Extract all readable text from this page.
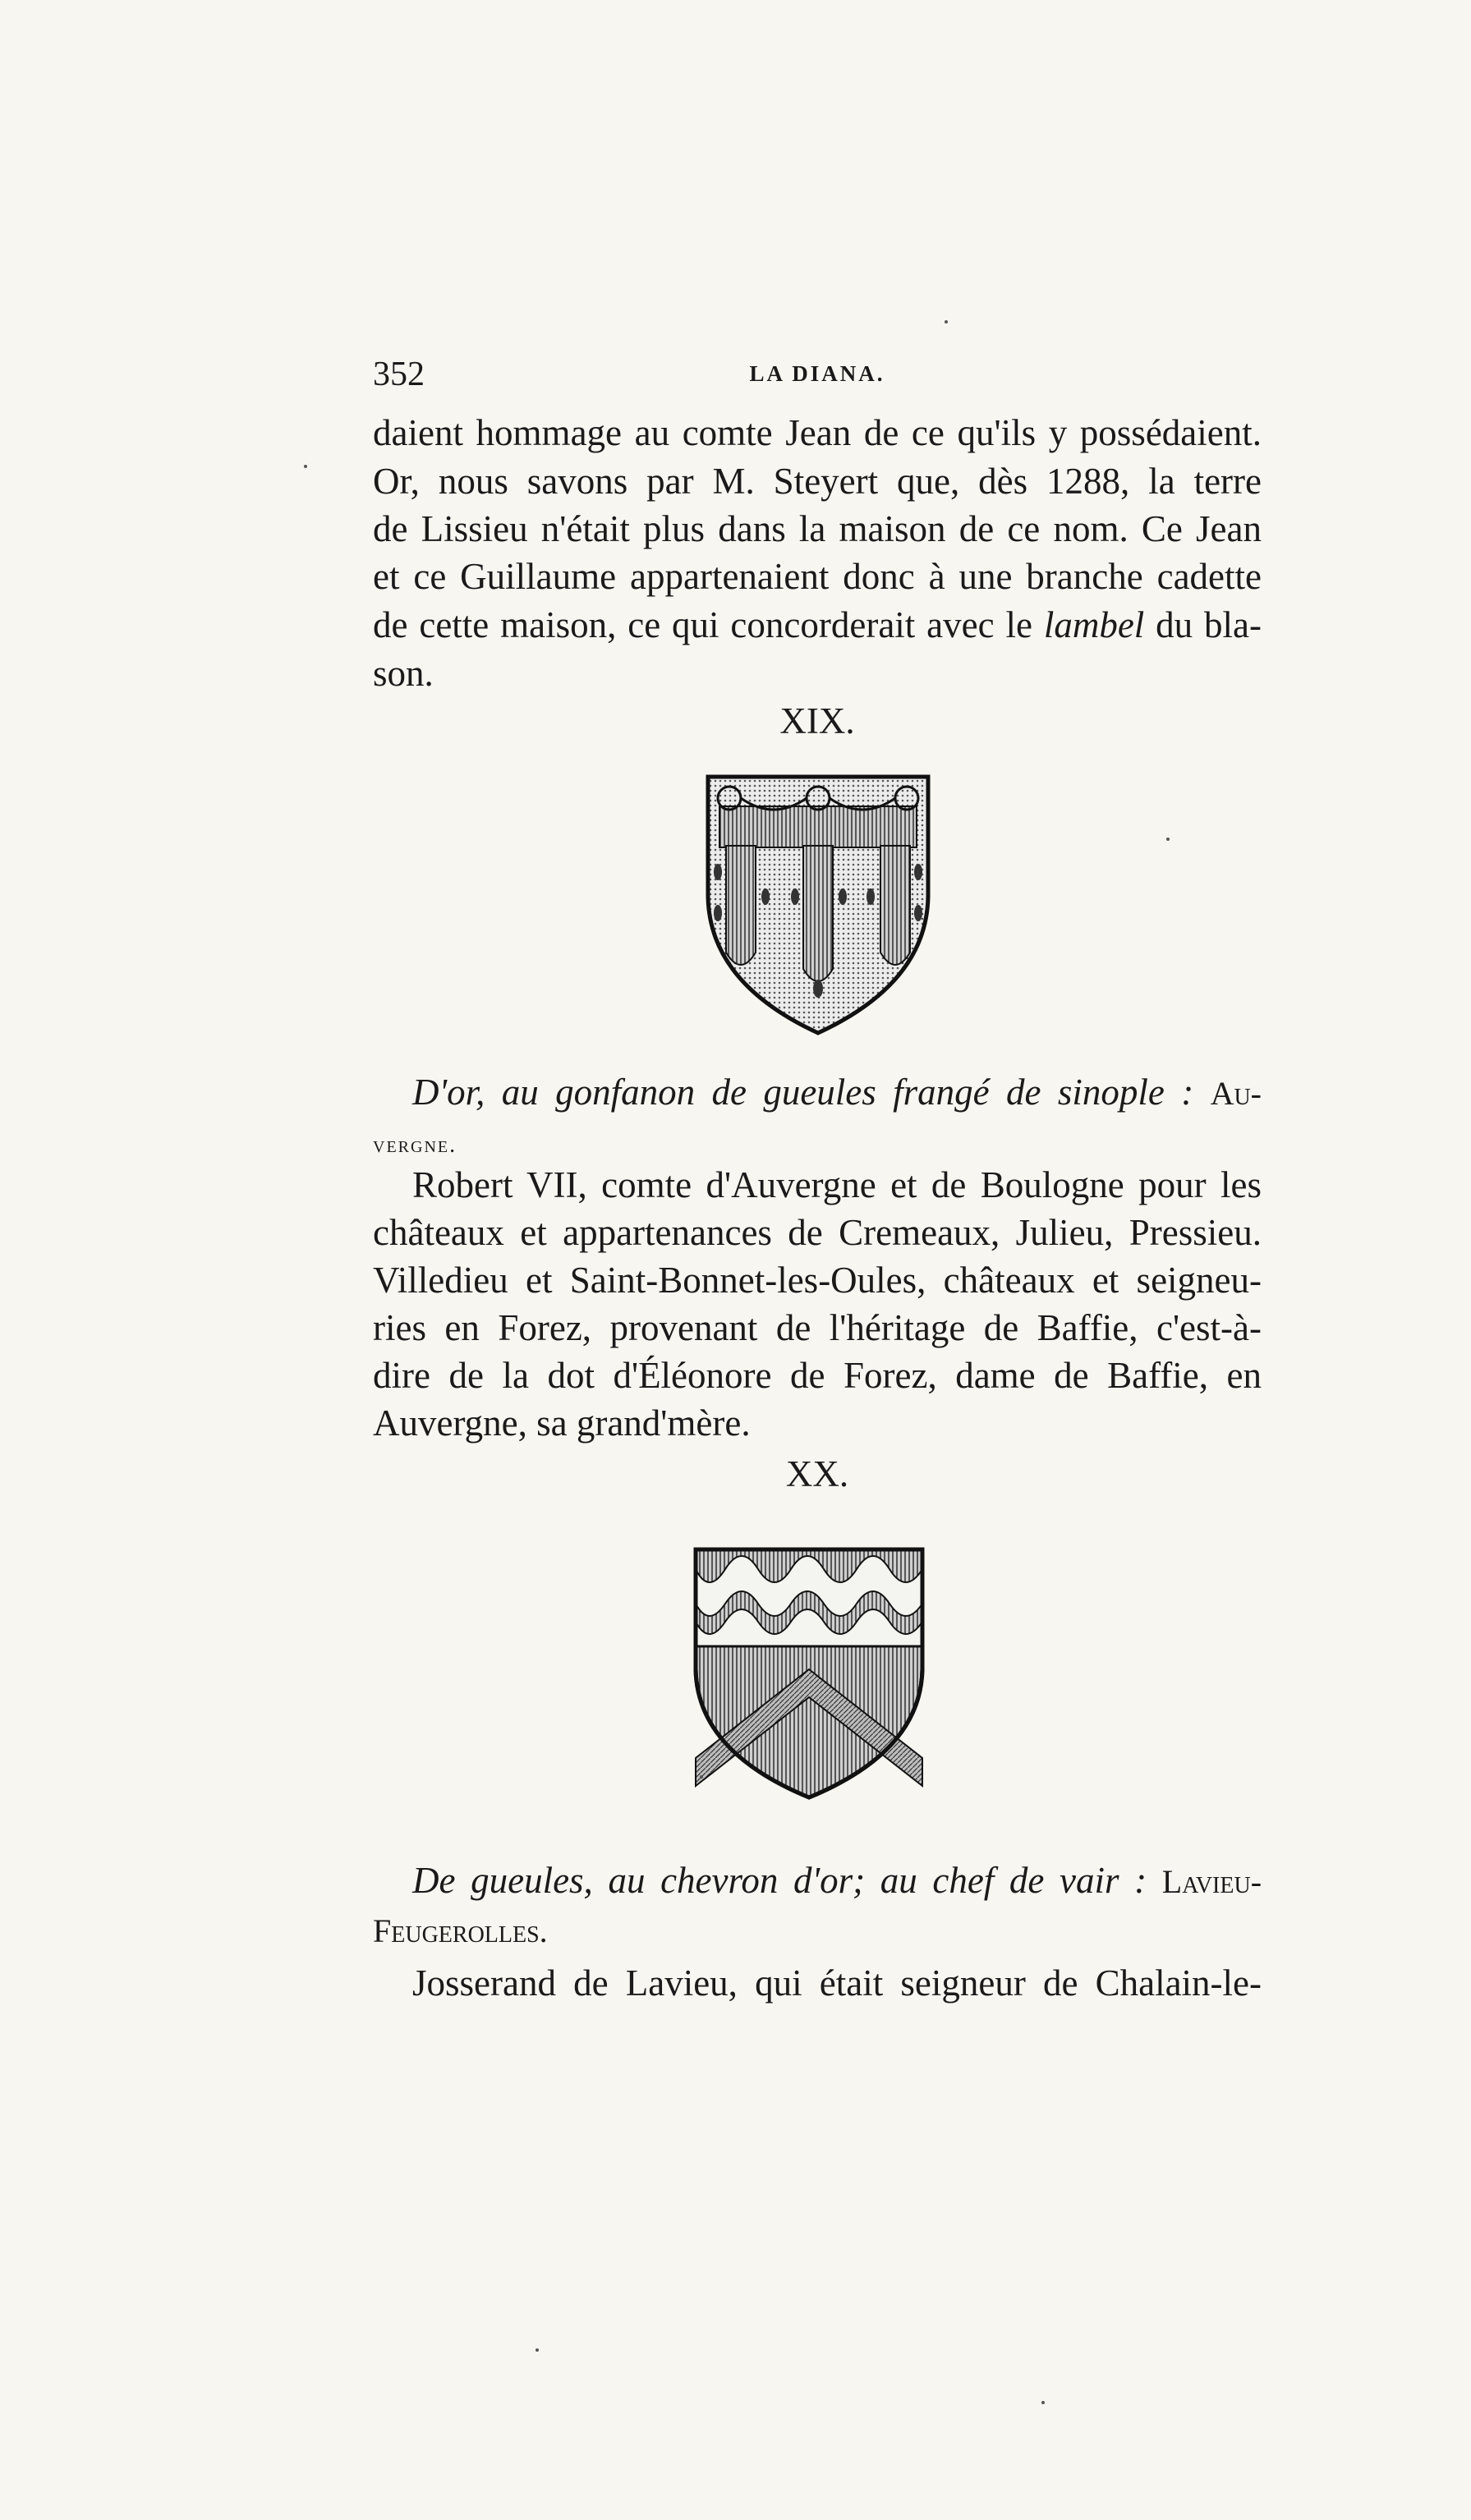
352	LA DIANA.
daient hommage au comte Jean de ce qu'ils y possédaient.
Or, nous savons par M. Steyert que, dès 1288, la terre
de Lissieu n'était plus dans la maison de ce nom. Ce Jean
et ce Guillaume appartenaient donc à une branche cadette
de cette maison, ce qui concorderait avec le lambel du bla-
son.
XIX.
D'or, au gonfanon de gueules frangé de sinople : Au-
vergne.
Robert VII, comte d'Auvergne et de Boulogne pour les
châteaux et appartenances de Cremeaux, Julieu, Pressieu.
Villedieu et Saint-Bonnet-les-Oules, châteaux et seigneu-
ries en Forez, provenant de l'héritage de Baffie, c'est-à-
dire de la dot d'Éléonore de Forez, dame de Baffie, en
Auvergne, sa grand'mère.
XX.
De gueules, au chevron d'or; au chef de vair : Lavieu-
Feugerolles.
Josserand de Lavieu, qui était seigneur de Chalain-le-
